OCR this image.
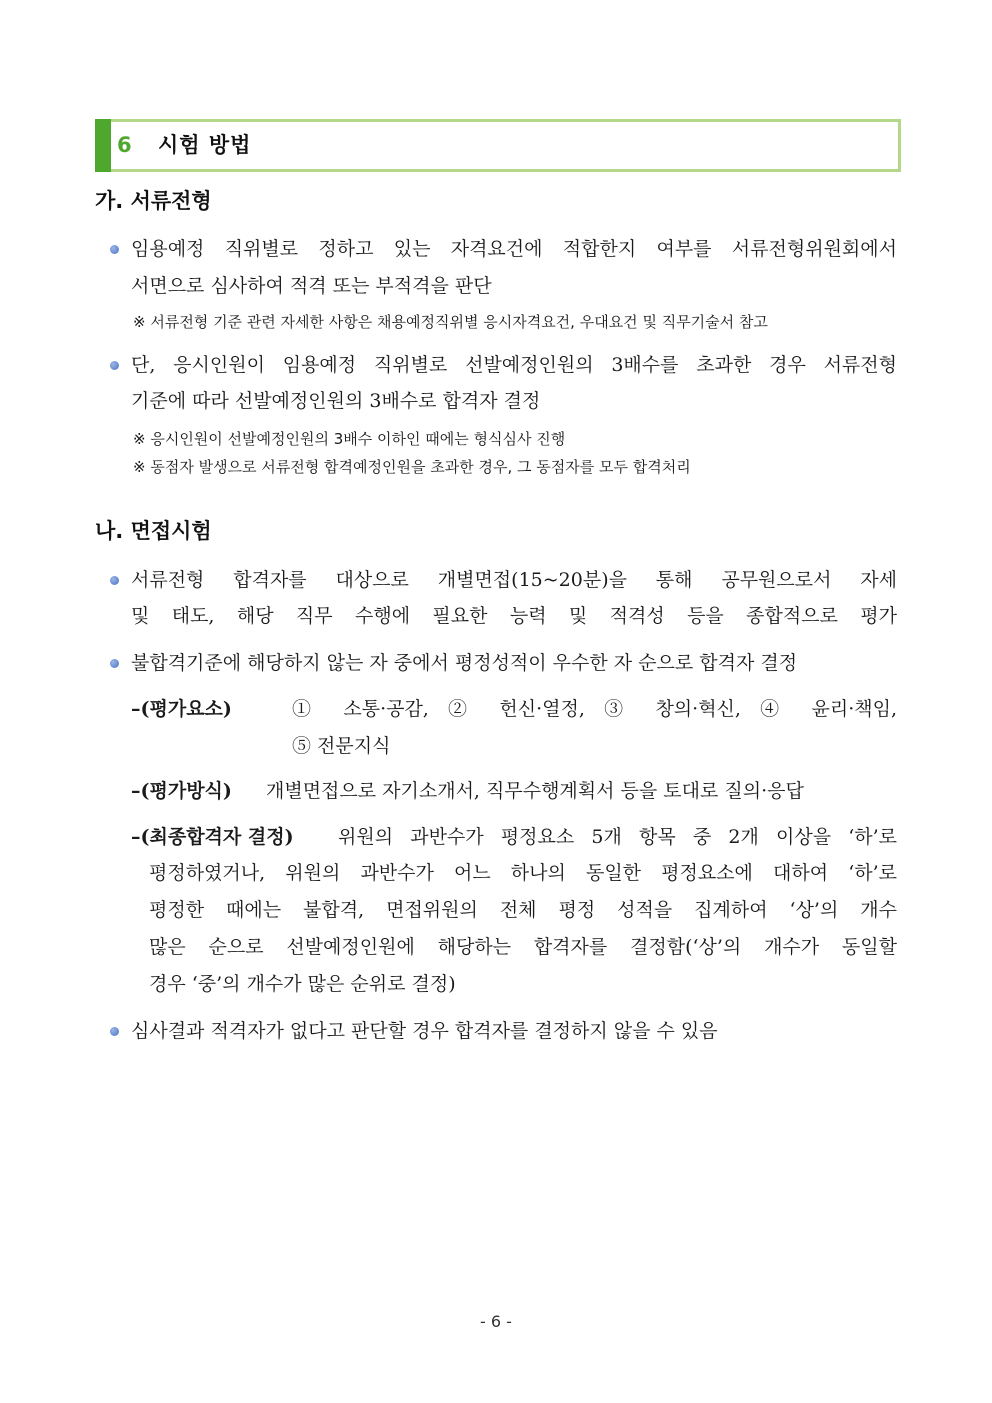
6 시험 방법
가. 서류전형
임용예정 직위별로 정하고 있는 자격요건에 적합한지 여부를 서류전형위원회에서
서면으로 심사하여 적격 또는 부적격을 판단
※ 서류전형 기준 관련 자세한 사항은 채용예정직위별 응시자격요건, 우대요건 및 직무기술서 참고
단, 응시인원이 임용예정 직위별로 선발예정인원의 3배수를 초과한 경우 서류전형
기준에 따라 선발예정인원의 3배수로 합격자 결정
※ 응시인원이 선발예정인원의 3배수 이하인 때에는 형식심사 진행
※ 동점자 발생으로 서류전형 합격예정인원을 초과한 경우, 그 동점자를 모두 합격처리
나. 면접시험
서류전형 합격자를 대상으로 개별면접(15~20분)을 통해 공무원으로서 자세
및 태도, 해당 직무 수행에 필요한 능력 및 적격성 등을 종합적으로 평가
불합격기준에 해당하지 않는 자 중에서 평정성적이 우수한 자 순으로 합격자 결정
–(평가요소)	① 소통·공감, ② 헌신·열정, ③ 창의·혁신, ④ 윤리·책임,
⑤ 전문지식
–(평가방식) 개별면접으로 자기소개서, 직무수행계획서 등을 토대로 질의·응답
–(최종합격자 결정) 위원의 과반수가 평정요소 5개 항목 중 2개 이상을 ‘하’로
평정하였거나, 위원의 과반수가 어느 하나의 동일한 평정요소에 대하여 ‘하’로
평정한 때에는 불합격, 면접위원의 전체 평정 성적을 집계하여 ‘상’의 개수
많은 순으로 선발예정인원에 해당하는 합격자를 결정함(‘상’의 개수가 동일할
경우 ‘중’의 개수가 많은 순위로 결정)
심사결과 적격자가 없다고 판단할 경우 합격자를 결정하지 않을 수 있음
- 6 -
